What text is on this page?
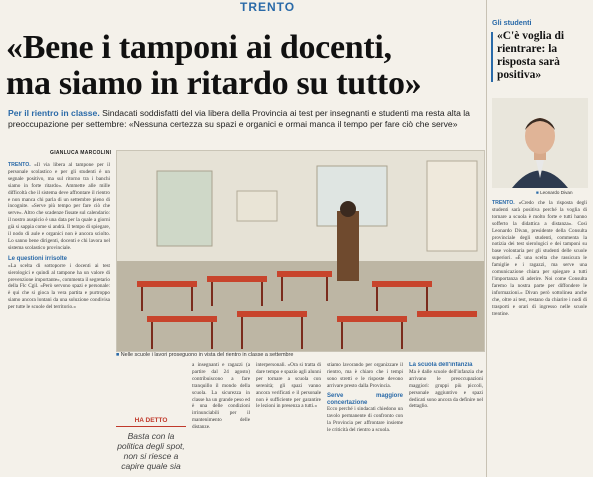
TRENTO
«Bene i tamponi ai docenti,
ma siamo in ritardo su tutto»
Per il rientro in classe. Sindacati soddisfatti del via libera della Provincia ai test per insegnanti e studenti ma resta alta la preoccupazione per settembre: «Nessuna certezza su spazi e organici e ormai manca il tempo per fare ciò che serve»
GIANLUCA MARCOLINI
TRENTO. «Il via libera al tampone per il personale scolastico e per gli studenti è un segnale positivo, ma sul ritorno tra i banchi siamo in forte ritardo». Ammette alle mille difficoltà che il sistema deve affrontare il rientro e non manca chi parla di un settembre pieno di incognite. «Serve più tempo per fare ciò che serve». Altro che scadenze fissate sul calendario: il nostro auspicio è una data per la quale a giorni già si sappia come si andrà. Il tempo di spiegare, il nodo di aule e organici non è ancora sciolto. Lo sanno bene dirigenti, docenti e chi lavora nel sistema scolastico provinciale.
Le questioni irrisolte
«La scelta di sottoporre i docenti ai test sierologici e quindi al tampone ha un valore di prevenzione importante», commenta il segretario della Flc Cgil. «Però servono spazi e personale: è qui che si gioca la vera partita e purtroppo siamo ancora lontani da una soluzione condivisa per tutte le scuole del territorio.»
■ Nelle scuole i lavori proseguono in vista del rientro in classe a settembre
a insegnanti e ragazzi (a partire dal 24 agosto) contribuiscono a fare tranquillo il mondo della scuola. La sicurezza in classe ha un grande peso ed è una delle condizioni irrinunciabili per il mantenimento delle distanze.
interpersonali. «Ora si tratta di dare tempo e spazio agli alunni per tornare a scuola con serenità; gli spazi vanno ancora verificati e il personale non è sufficiente per garantire le lezioni in presenza a tutti.»
stiamo lavorando per organizzare il rientro, ma è chiaro che i tempi sono stretti e le risposte devono arrivare presto dalla Provincia.
Serve maggiore concertazione
Ecco perché i sindacati chiedono un tavolo permanente di confronto con la Provincia per affrontare insieme le criticità del rientro a scuola.
La scuola dell'infanzia
Ma è dalle scuole dell'infanzia che arrivano le preoccupazioni maggiori: gruppi più piccoli, personale aggiuntivo e spazi dedicati sono ancora da definire nel dettaglio.
HA DETTO
Basta con la politica degli spot, non si riesce a capire quale sia
Gli studenti
«C'è voglia di rientrare: la risposta sarà positiva»
■ Leonardo Divan
TRENTO. «Credo che la risposta degli studenti sarà positiva perché la voglia di tornare a scuola è molto forte e tutti hanno sofferto la didattica a distanza». Così Leonardo Divan, presidente della Consulta provinciale degli studenti, commenta la notizia dei test sierologici e dei tamponi su base volontaria per gli studenti delle scuole superiori. «È una scelta che rassicura le famiglie e i ragazzi, ma serve una comunicazione chiara per spiegare a tutti l'importanza di aderire. Noi come Consulta faremo la nostra parte per diffondere le informazioni.» Divan però sottolinea anche che, oltre ai test, restano da chiarire i nodi di trasporti e orari di ingresso nelle scuole trentine.
